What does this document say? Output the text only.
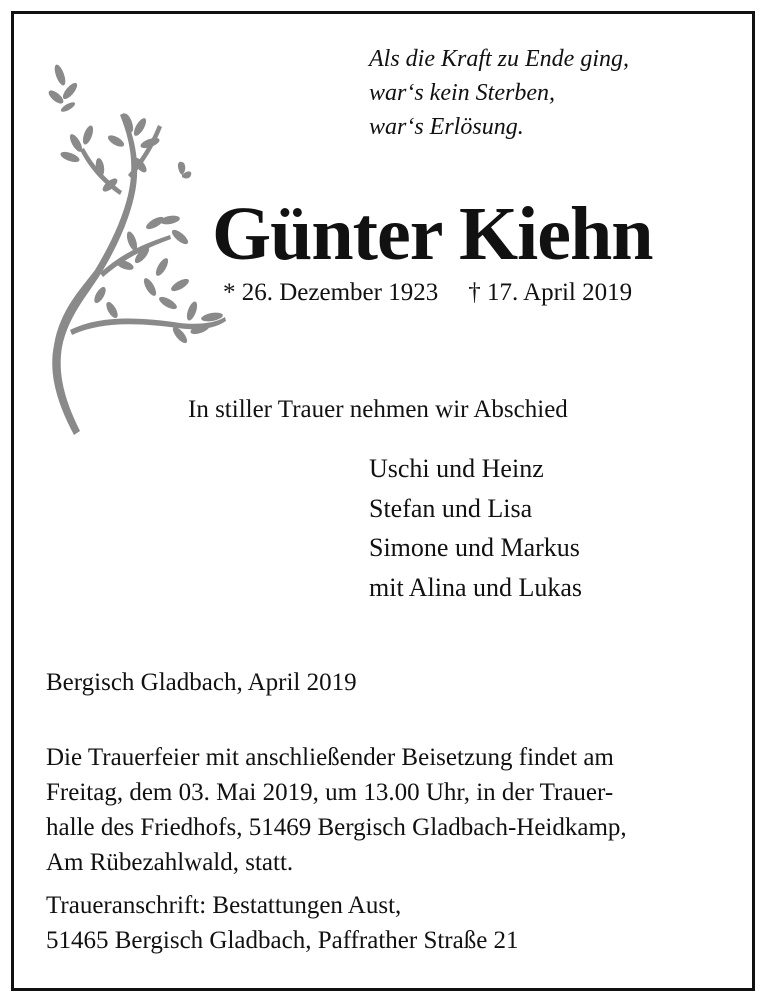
Als die Kraft zu Ende ging,
war‘s kein Sterben,
war‘s Erlösung.
Günter Kiehn
* 26. Dezember 1923 † 17. April 2019
In stiller Trauer nehmen wir Abschied
Uschi und Heinz
Stefan und Lisa
Simone und Markus
mit Alina und Lukas
Bergisch Gladbach, April 2019
Die Trauerfeier mit anschließender Beisetzung findet am
Freitag, dem 03. Mai 2019, um 13.00 Uhr, in der Trauer-
halle des Friedhofs, 51469 Bergisch Gladbach-Heidkamp,
Am Rübezahlwald, statt.
Traueranschrift: Bestattungen Aust,
51465 Bergisch Gladbach, Paffrather Straße 21
